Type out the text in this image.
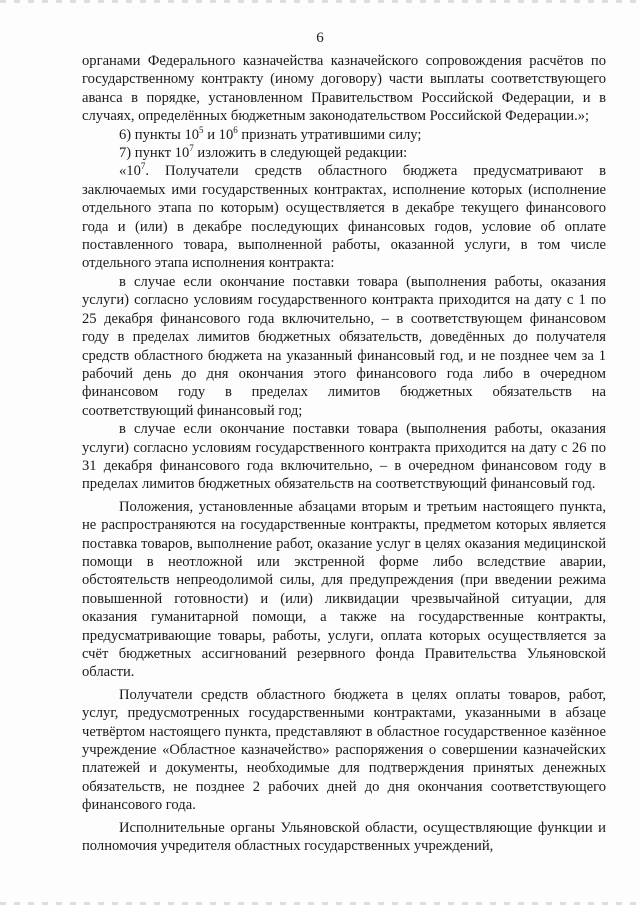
6

органами Федерального казначейства казначейского сопровождения расчётов по государственному контракту (иному договору) части выплаты соответствующего аванса в порядке, установленном Правительством Российской Федерации, и в случаях, определённых бюджетным законодательством Российской Федерации.»;

6) пункты $10^5$ и $10^6$ признать утратившими силу;

7) пункт $10^7$ изложить в следующей редакции:

«$10^7$. Получатели средств областного бюджета предусматривают в заключаемых ими государственных контрактах, исполнение которых (исполнение отдельного этапа по которым) осуществляется в декабре текущего финансового года и (или) в декабре последующих финансовых годов, условие об оплате поставленного товара, выполненной работы, оказанной услуги, в том числе отдельного этапа исполнения контракта:

в случае если окончание поставки товара (выполнения работы, оказания услуги) согласно условиям государственного контракта приходится на дату с 1 по 25 декабря финансового года включительно, – в соответствующем финансовом году в пределах лимитов бюджетных обязательств, доведённых до получателя средств областного бюджета на указанный финансовый год, и не позднее чем за 1 рабочий день до дня окончания этого финансового года либо в очередном финансовом году в пределах лимитов бюджетных обязательств на соответствующий финансовый год;

в случае если окончание поставки товара (выполнения работы, оказания услуги) согласно условиям государственного контракта приходится на дату с 26 по 31 декабря финансового года включительно, – в очередном финансовом году в пределах лимитов бюджетных обязательств на соответствующий финансовый год.

Положения, установленные абзацами вторым и третьим настоящего пункта, не распространяются на государственные контракты, предметом которых является поставка товаров, выполнение работ, оказание услуг в целях оказания медицинской помощи в неотложной или экстренной форме либо вследствие аварии, обстоятельств непреодолимой силы, для предупреждения (при введении режима повышенной готовности) и (или) ликвидации чрезвычайной ситуации, для оказания гуманитарной помощи, а также на государственные контракты, предусматривающие товары, работы, услуги, оплата которых осуществляется за счёт бюджетных ассигнований резервного фонда Правительства Ульяновской области.

Получатели средств областного бюджета в целях оплаты товаров, работ, услуг, предусмотренных государственными контрактами, указанными в абзаце четвёртом настоящего пункта, представляют в областное государственное казённое учреждение «Областное казначейство» распоряжения о совершении казначейских платежей и документы, необходимые для подтверждения принятых денежных обязательств, не позднее 2 рабочих дней до дня окончания соответствующего финансового года.

Исполнительные органы Ульяновской области, осуществляющие функции и полномочия учредителя областных государственных учреждений,
